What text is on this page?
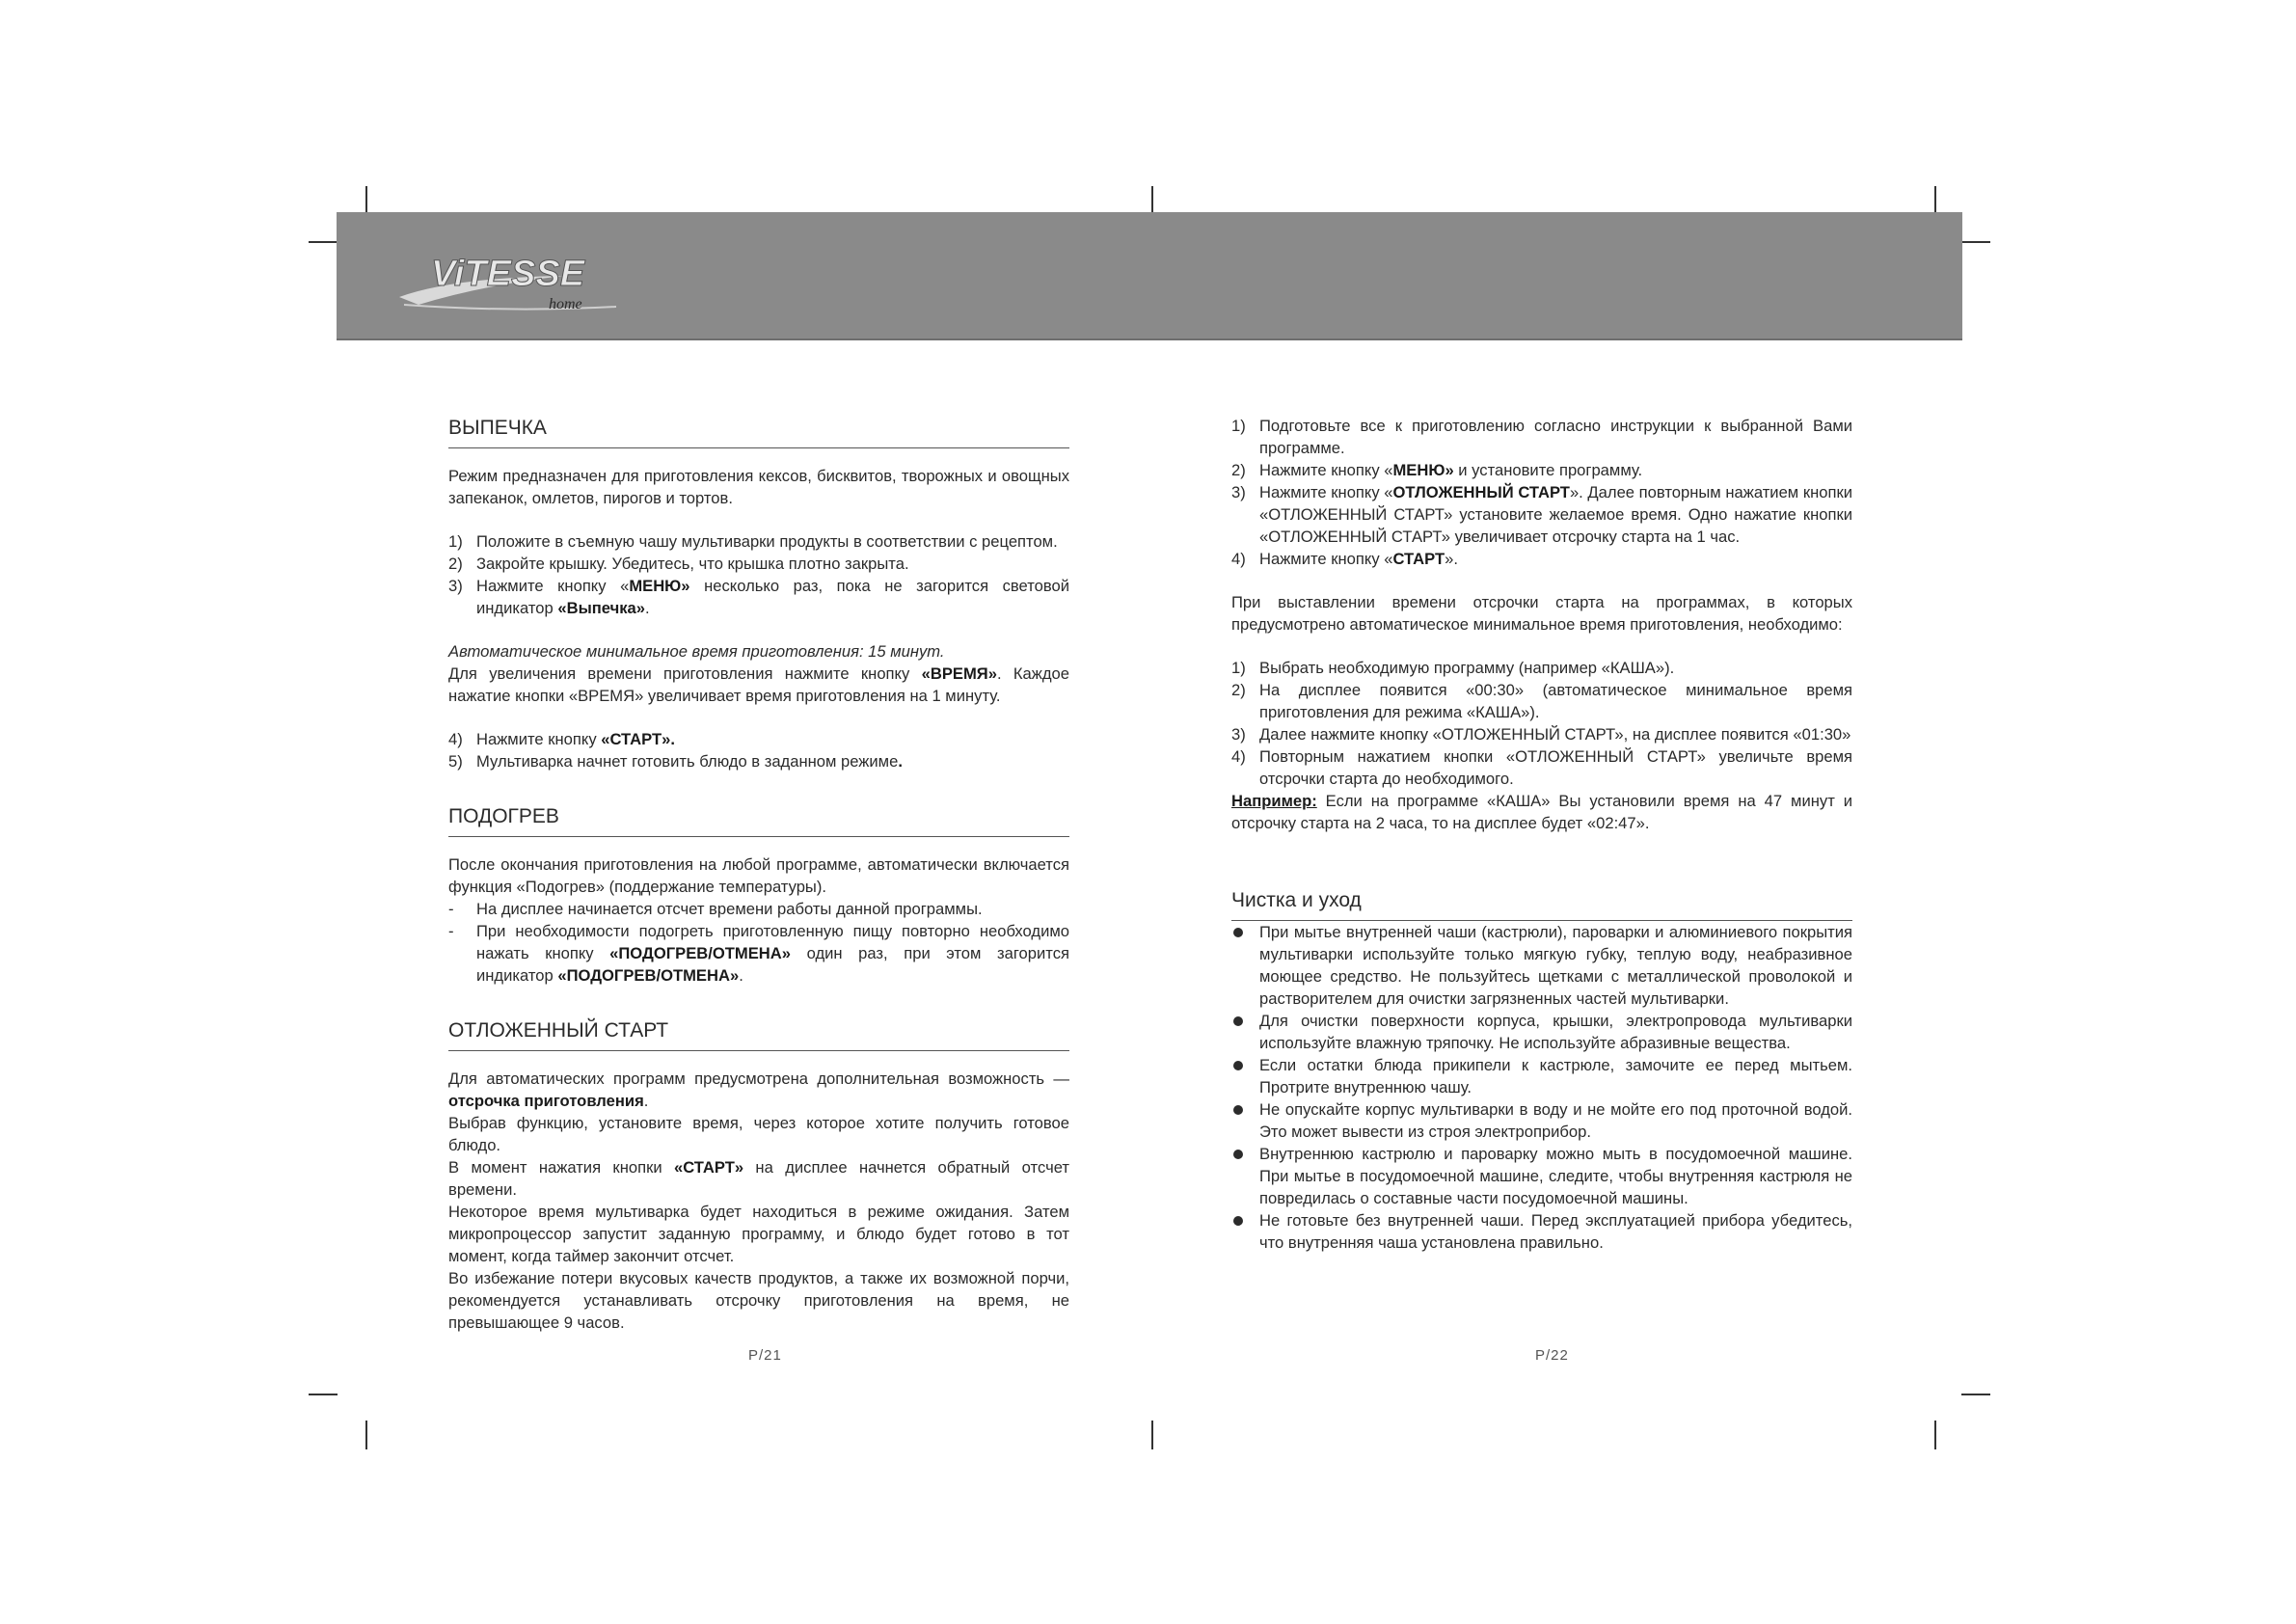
ViTESSE
home
ВЫПЕЧКА

Режим предназначен для приготовления кексов, бисквитов, творожных и овощных запеканок, омлетов, пирогов и тортов.

1) Положите в съемную чашу мультиварки продукты в соответствии с рецептом.
2) Закройте крышку. Убедитесь, что крышка плотно закрыта.
3) Нажмите кнопку «МЕНЮ» несколько раз, пока не загорится световой индикатор «Выпечка».

Автоматическое минимальное время приготовления: 15 минут.

Для увеличения времени приготовления нажмите кнопку «ВРЕМЯ». Каждое нажатие кнопки «ВРЕМЯ» увеличивает время приготовления на 1 минуту.

4) Нажмите кнопку «СТАРТ».
5) Мультиварка начнет готовить блюдо в заданном режиме.
ПОДОГРЕВ

После окончания приготовления на любой программе, автоматически включается функция «Подогрев» (поддержание температуры).

- На дисплее начинается отсчет времени работы данной программы.
- При необходимости подогреть приготовленную пищу повторно необходимо нажать кнопку «ПОДОГРЕВ/ОТМЕНА» один раз, при этом загорится индикатор «ПОДОГРЕВ/ОТМЕНА».
ОТЛОЖЕННЫЙ СТАРТ

Для автоматических программ предусмотрена дополнительная возможность — отсрочка приготовления.

Выбрав функцию, установите время, через которое хотите получить готовое блюдо.

В момент нажатия кнопки «СТАРТ» на дисплее начнется обратный отсчет времени.

Некоторое время мультиварка будет находиться в режиме ожидания. Затем микропроцессор запустит заданную программу, и блюдо будет готово в тот момент, когда таймер закончит отсчет.

Во избежание потери вкусовых качеств продуктов, а также их возможной порчи, рекомендуется устанавливать отсрочку приготовления на время, не превышающее 9 часов.

1) Подготовьте все к приготовлению согласно инструкции к выбранной Вами программе.
2) Нажмите кнопку «МЕНЮ» и установите программу.
3) Нажмите кнопку «ОТЛОЖЕННЫЙ СТАРТ». Далее повторным нажатием кнопки «ОТЛОЖЕННЫЙ СТАРТ» установите желаемое время. Одно нажатие кнопки «ОТЛОЖЕННЫЙ СТАРТ» увеличивает отсрочку старта на 1 час.
4) Нажмите кнопку «СТАРТ».

При выставлении времени отсрочки старта на программах, в которых предусмотрено автоматическое минимальное время приготовления, необходимо:

1) Выбрать необходимую программу (например «КАША»).
2) На дисплее появится «00:30» (автоматическое минимальное время приготовления для режима «КАША»).
3) Далее нажмите кнопку «ОТЛОЖЕННЫЙ СТАРТ», на дисплее появится «01:30»
4) Повторным нажатием кнопки «ОТЛОЖЕННЫЙ СТАРТ» увеличьте время отсрочки старта до необходимого.

Например: Если на программе «КАША» Вы установили время на 47 минут и отсрочку старта на 2 часа, то на дисплее будет «02:47».

Чистка и уход
При мытье внутренней чаши (кастрюли), пароварки и алюминиевого покрытия мультиварки используйте только мягкую губку, теплую воду, неабразивное моющее средство. Не пользуйтесь щетками с металлической проволокой и растворителем для очистки загрязненных частей мультиварки.
Для очистки поверхности корпуса, крышки, электропровода мультиварки используйте влажную тряпочку. Не используйте абразивные вещества.
Если остатки блюда прикипели к кастрюле, замочите ее перед мытьем. Протрите внутреннюю чашу.
Не опускайте корпус мультиварки в воду и не мойте его под проточной водой. Это может вывести из строя электроприбор.
Внутреннюю кастрюлю и пароварку можно мыть в посудомоечной машине. При мытье в посудомоечной машине, следите, чтобы внутренняя кастрюля не повредилась о составные части посудомоечной машины.
Не готовьте без внутренней чаши. Перед эксплуатацией прибора убедитесь, что внутренняя чаша установлена правильно.
P/21	P/22
